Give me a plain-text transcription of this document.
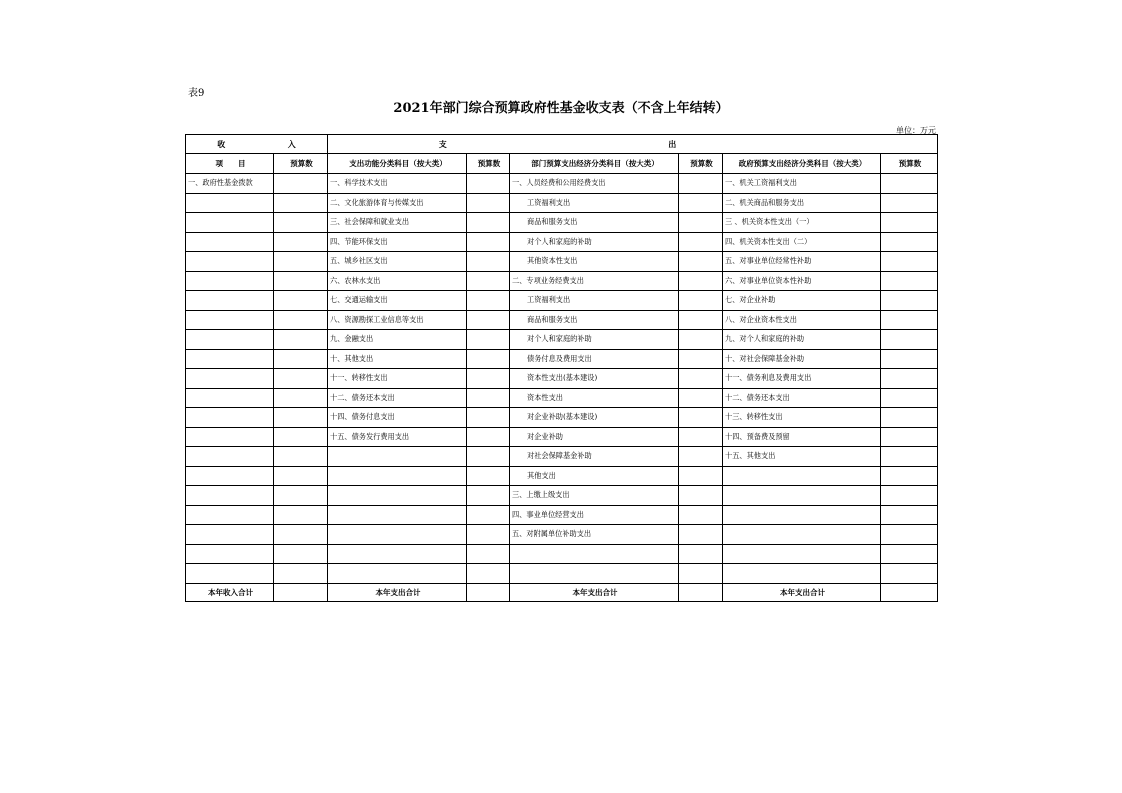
表9
2021年部门综合预算政府性基金收支表（不含上年结转）
单位：万元
收 入		支 出					

项　　目	预算数	支出功能分类科目（按大类）	预算数	部门预算支出经济分类科目（按大类）	预算数	政府预算支出经济分类科目（按大类）	预算数
一、政府性基金拨款		一、科学技术支出		一、人员经费和公用经费支出		一、机关工资福利支出	
		二、文化旅游体育与传媒支出		工资福利支出		二、机关商品和服务支出	
		三、社会保障和就业支出		商品和服务支出		三 、机关资本性支出（一）	
		四、节能环保支出		对个人和家庭的补助		四、机关资本性支出（二）	
		五、城乡社区支出		其他资本性支出		五、对事业单位经常性补助	
		六、农林水支出		二、专项业务经费支出		六、对事业单位资本性补助	
		七、交通运输支出		工资福利支出		七、对企业补助	
		八、资源勘探工业信息等支出		商品和服务支出		八、对企业资本性支出	
		九、金融支出		对个人和家庭的补助		九、对个人和家庭的补助	
		十、其他支出		债务付息及费用支出		十、对社会保障基金补助	
		十一、转移性支出		资本性支出(基本建设)		十一、债务利息及费用支出	
		十二、债务还本支出		资本性支出		十二、债务还本支出	
		十四、债务付息支出		对企业补助(基本建设)		十三、转移性支出	
		十五、债务发行费用支出		对企业补助		十四、预备费及预留	
				对社会保障基金补助		十五、其他支出	
				其他支出			
				三、上缴上级支出			
				四、事业单位经营支出			
				五、对附属单位补助支出			

本年收入合计		本年支出合计		本年支出合计		本年支出合计	
